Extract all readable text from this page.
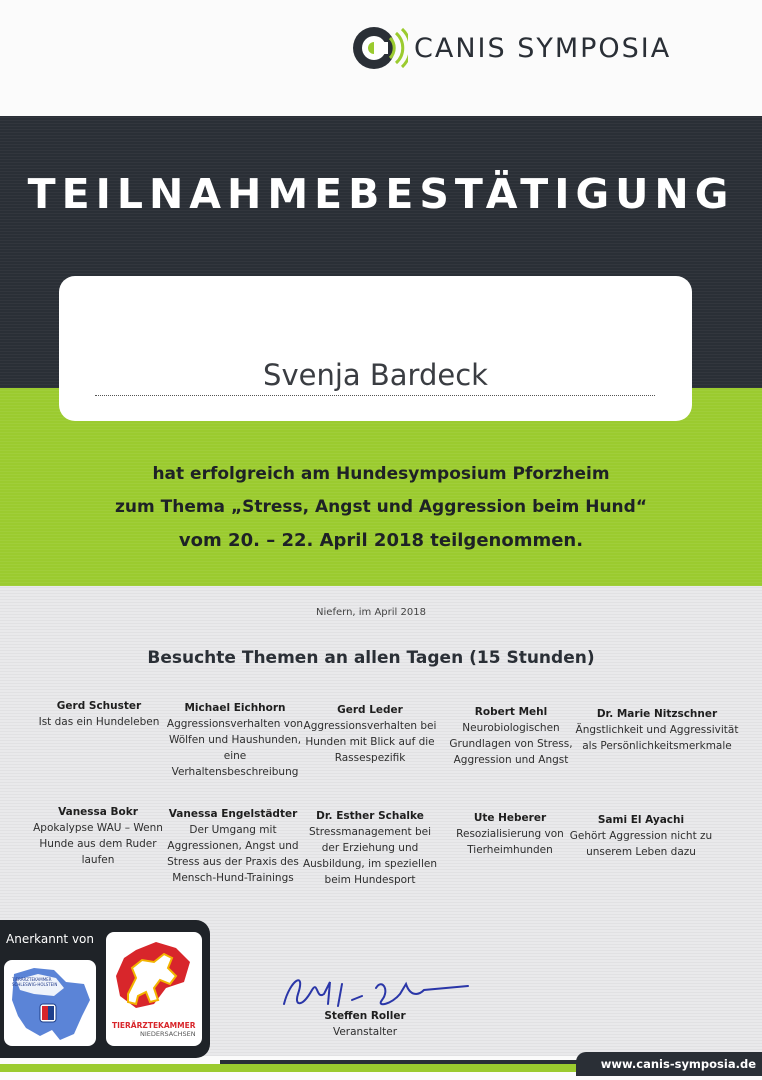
CANIS SYMPOSIA
TEILNAHMEBESTÄTIGUNG
Svenja Bardeck
hat erfolgreich am Hundesymposium Pforzheim
zum Thema „Stress, Angst und Aggression beim Hund“
vom 20. – 22. April 2018 teilgenommen.
Niefern, im April 2018
Besuchte Themen an allen Tagen (15 Stunden)
Gerd Schuster
Ist das ein Hundeleben
Michael Eichhorn
Aggressionsverhalten von Wölfen und Haushunden, eine Verhaltensbeschreibung
Gerd Leder
Aggressionsverhalten bei Hunden mit Blick auf die Rassespezifik
Robert Mehl
Neurobiologischen Grundlagen von Stress, Aggression und Angst
Dr. Marie Nitzschner
Ängstlichkeit und Aggressivität als Persönlichkeitsmerkmale
Vanessa Bokr
Apokalypse WAU – Wenn Hunde aus dem Ruder laufen
Vanessa Engelstädter
Der Umgang mit Aggressionen, Angst und Stress aus der Praxis des Mensch-Hund-Trainings
Dr. Esther Schalke
Stressmanagement bei der Erziehung und Ausbildung, im speziellen beim Hundesport
Ute Heberer
Resozialisierung von Tierheimhunden
Sami El Ayachi
Gehört Aggression nicht zu unserem Leben dazu
Anerkannt von
TIERÄRZTEKAMMER SCHLESWIG-HOLSTEIN
TIERÄRZTEKAMMER
NIEDERSACHSEN
Steffen Roller
Veranstalter
www.canis-symposia.de
